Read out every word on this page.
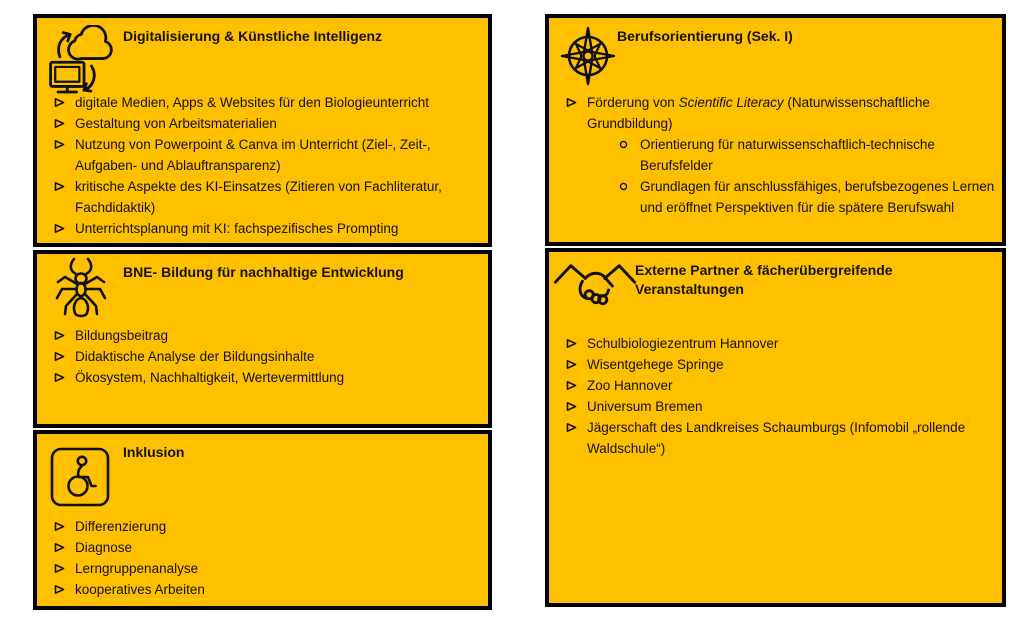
Digitalisierung & Künstliche Intelligenz
digitale Medien, Apps & Websites für den Biologieunterricht
Gestaltung von Arbeitsmaterialien
Nutzung von Powerpoint & Canva im Unterricht (Ziel-, Zeit-, Aufgaben- und Ablauftransparenz)
kritische Aspekte des KI-Einsatzes (Zitieren von Fachliteratur, Fachdidaktik)
Unterrichtsplanung mit KI: fachspezifisches Prompting
BNE- Bildung für nachhaltige Entwicklung
Bildungsbeitrag
Didaktische Analyse der Bildungsinhalte
Ökosystem, Nachhaltigkeit, Wertevermittlung
Inklusion
Differenzierung
Diagnose
Lerngruppenanalyse
kooperatives Arbeiten
Berufsorientierung (Sek. I)
Förderung von Scientific Literacy (Naturwissenschaftliche Grundbildung)
Orientierung für naturwissenschaftlich-technische Berufsfelder
Grundlagen für anschlussfähiges, berufsbezogenes Lernen und eröffnet Perspektiven für die spätere Berufswahl
Externe Partner & fächerübergreifende Veranstaltungen
Schulbiologiezentrum Hannover
Wisentgehege Springe
Zoo Hannover
Universum Bremen
Jägerschaft des Landkreises Schaumburgs (Infomobil „rollende Waldschule“)
